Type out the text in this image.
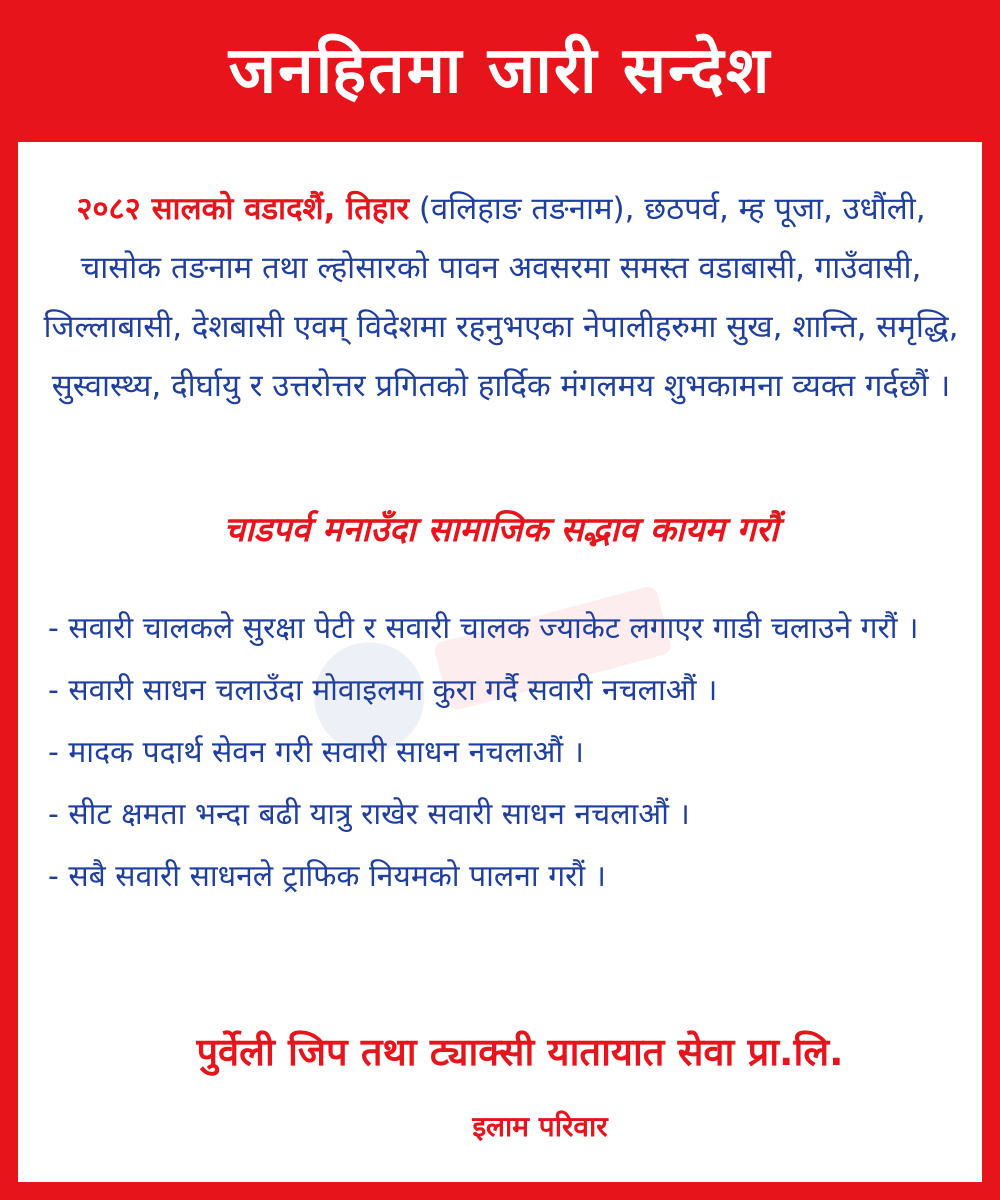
जनहितमा जारी सन्देश
२०८२ सालको वडादशैं, तिहार (वलिहाङ तङनाम), छठपर्व, म्ह पूजा, उधौंली, चासोक तङनाम तथा ल्होसारको पावन अवसरमा समस्त वडाबासी, गाउँवासी, जिल्लाबासी, देशबासी एवम् विदेशमा रहनुभएका नेपालीहरुमा सुख, शान्ति, समृद्धि, सुस्वास्थ्य, दीर्घायु र उत्तरोत्तर प्रगितको हार्दिक मंगलमय शुभकामना व्यक्त गर्दछौं ।
चाडपर्व मनाउँदा सामाजिक सद्भाव कायम गरौं
- सवारी चालकले सुरक्षा पेटी र सवारी चालक ज्याकेट लगाएर गाडी चलाउने गरौं ।
- सवारी साधन चलाउँदा मोवाइलमा कुरा गर्दै सवारी नचलाऔं ।
- मादक पदार्थ सेवन गरी सवारी साधन नचलाऔं ।
- सीट क्षमता भन्दा बढी यात्रु राखेर सवारी साधन नचलाऔं ।
- सबै सवारी साधनले ट्राफिक नियमको पालना गरौं ।
पुर्वेली जिप तथा ट्याक्सी यातायात सेवा प्रा.लि.
इलाम परिवार
